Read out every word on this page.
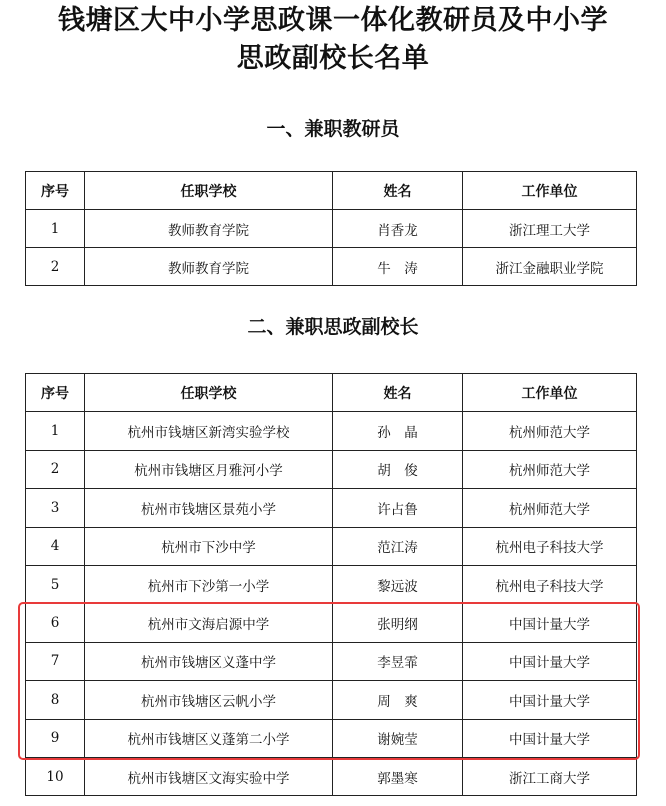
钱塘区大中小学思政课一体化教研员及中小学
思政副校长名单
一、兼职教研员
序号	任职学校	姓名	工作单位
1	教师教育学院	肖香龙	浙江理工大学
2	教师教育学院	牛　涛	浙江金融职业学院
二、兼职思政副校长
序号	任职学校	姓名	工作单位
1	杭州市钱塘区新湾实验学校	孙　晶	杭州师范大学
2	杭州市钱塘区月雅河小学	胡　俊	杭州师范大学
3	杭州市钱塘区景苑小学	许占鲁	杭州师范大学
4	杭州市下沙中学	范江涛	杭州电子科技大学
5	杭州市下沙第一小学	黎远波	杭州电子科技大学
6	杭州市文海启源中学	张明纲	中国计量大学
7	杭州市钱塘区义蓬中学	李昱霏	中国计量大学
8	杭州市钱塘区云帆小学	周　爽	中国计量大学
9	杭州市钱塘区义蓬第二小学	谢婉莹	中国计量大学
10	杭州市钱塘区文海实验中学	郭墨寒	浙江工商大学
